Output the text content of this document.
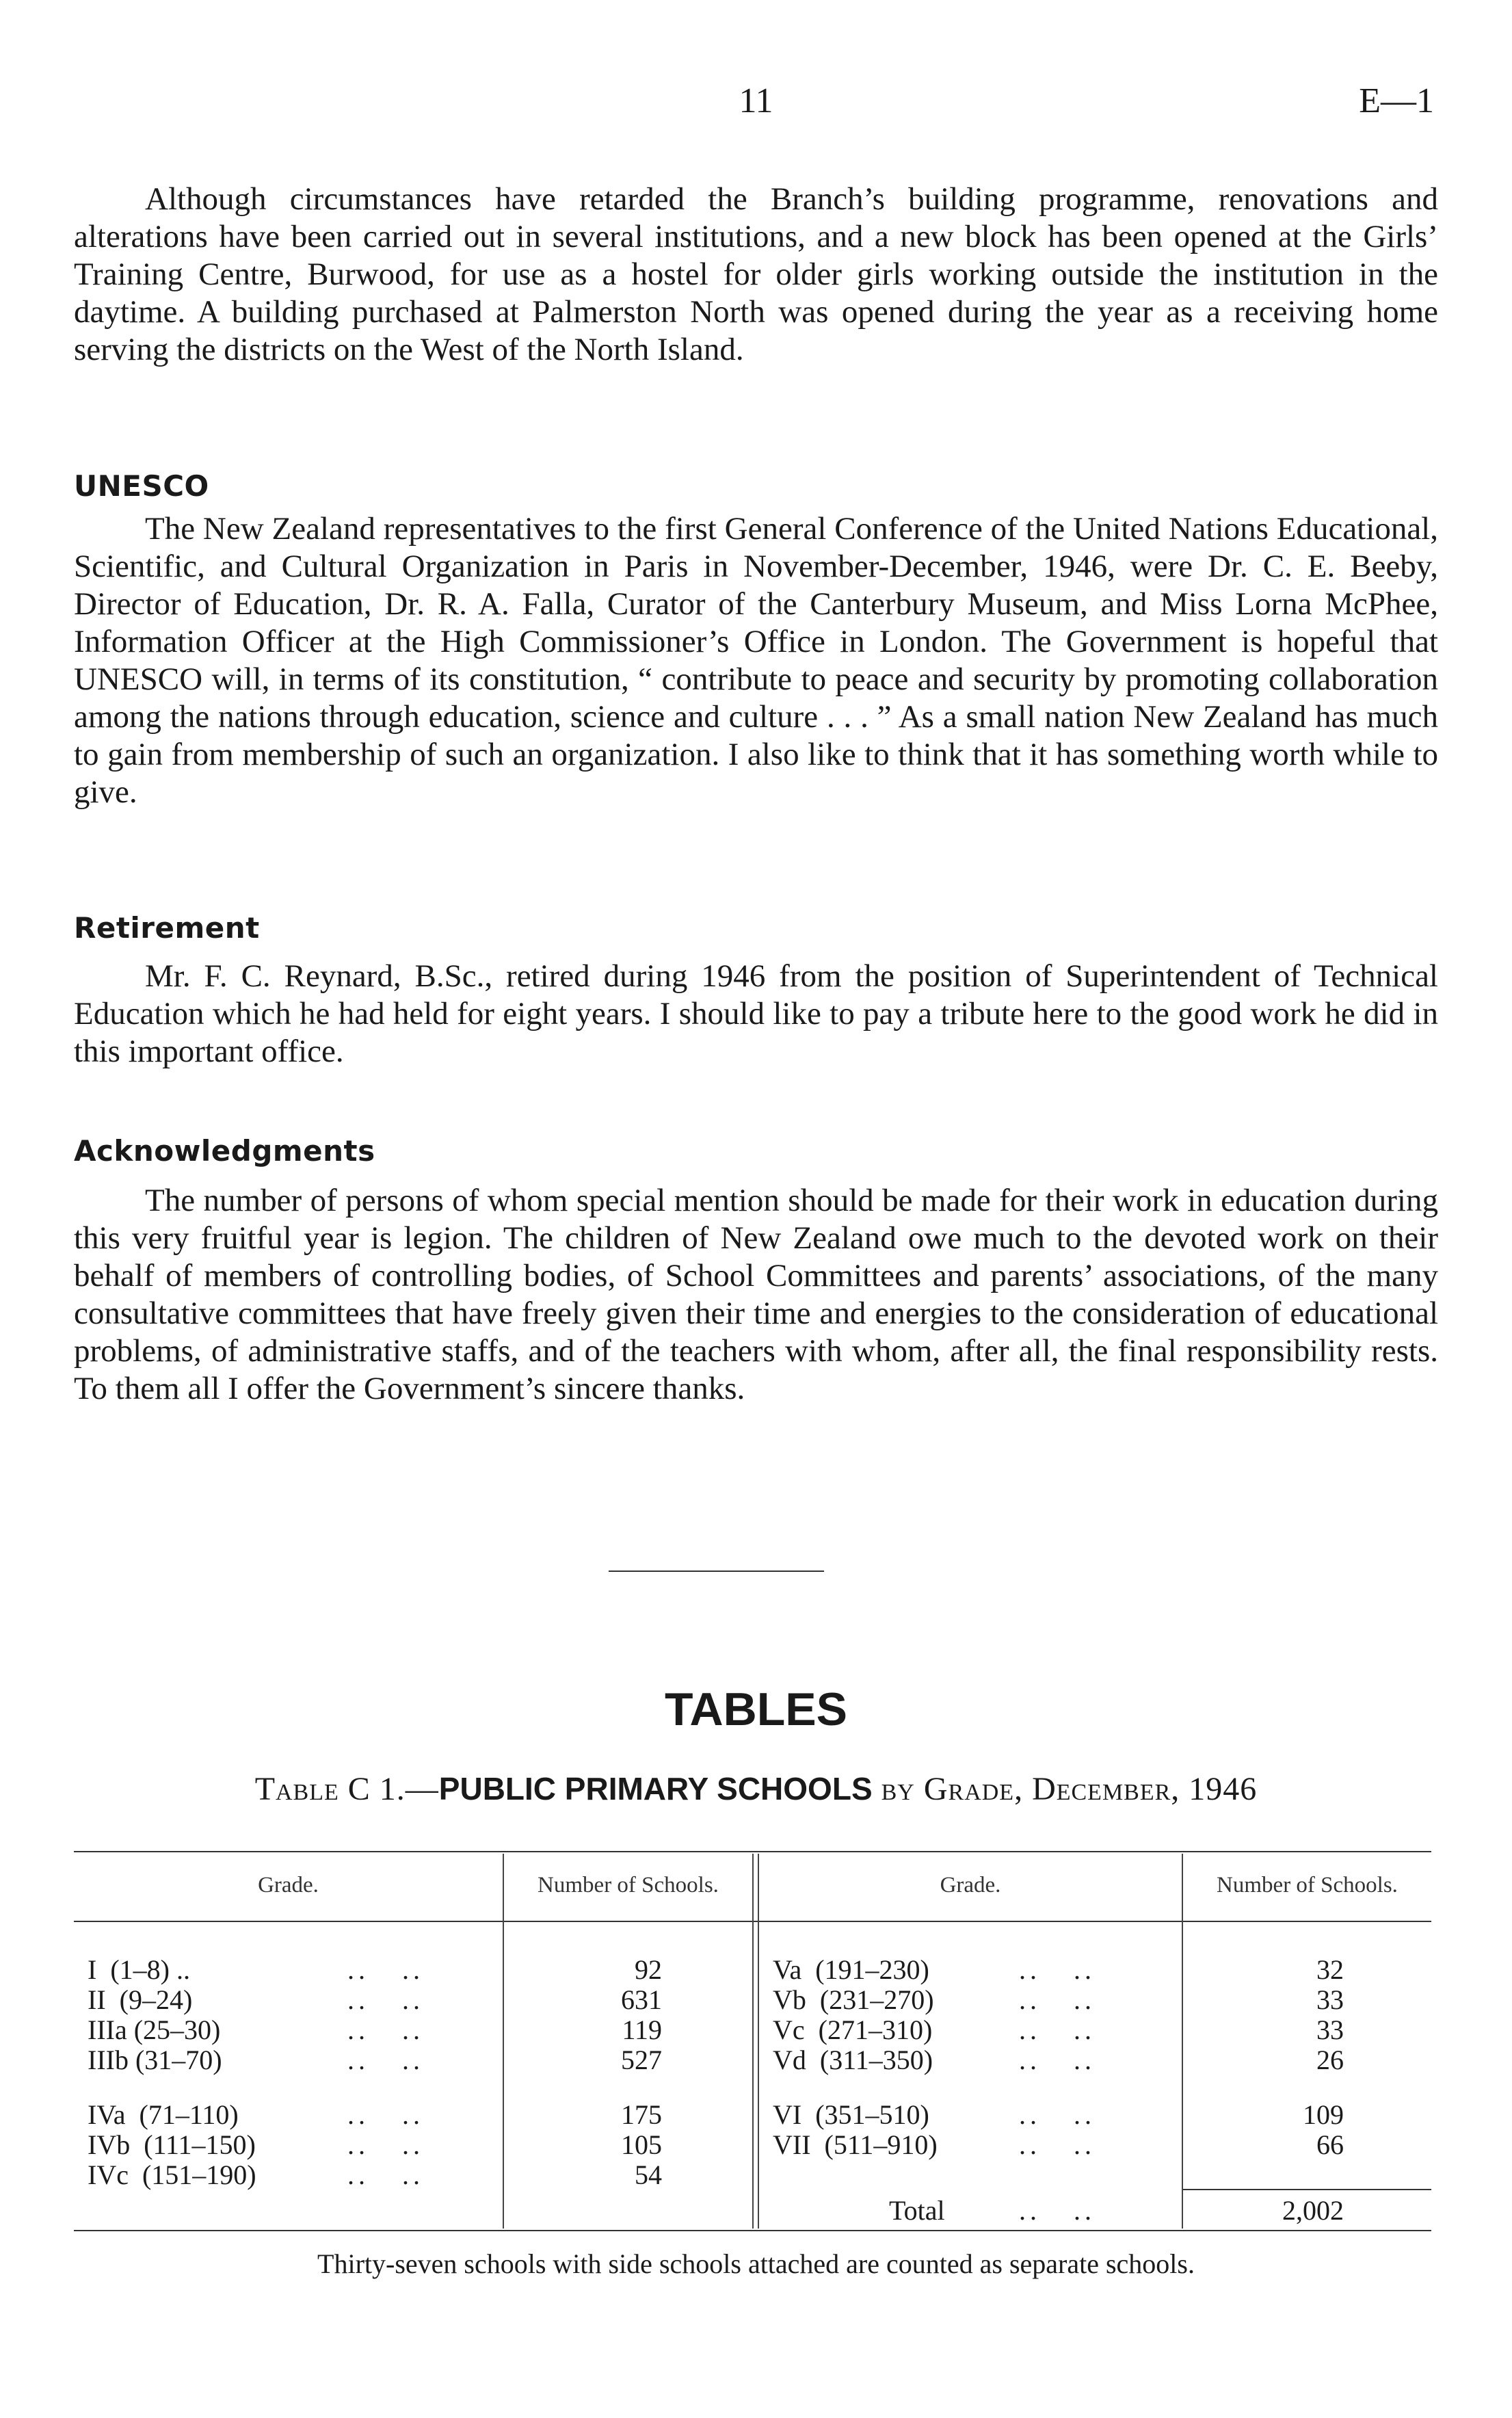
11	E—1

Although circumstances have retarded the Branch’s building programme, renovations and alterations have been carried out in several institutions, and a new block has been opened at the Girls’ Training Centre, Burwood, for use as a hostel for older girls working outside the institution in the daytime. A building purchased at Palmerston North was opened during the year as a receiving home serving the districts on the West of the North Island.

UNESCO

The New Zealand representatives to the first General Conference of the United Nations Educational, Scientific, and Cultural Organization in Paris in November-December, 1946, were Dr. C. E. Beeby, Director of Education, Dr. R. A. Falla, Curator of the Canterbury Museum, and Miss Lorna McPhee, Information Officer at the High Commissioner’s Office in London. The Government is hopeful that UNESCO will, in terms of its constitution, “ contribute to peace and security by promoting collaboration among the nations through education, science and culture . . . ” As a small nation New Zealand has much to gain from membership of such an organization. I also like to think that it has something worth while to give.

Retirement

Mr. F. C. Reynard, B.Sc., retired during 1946 from the position of Superintendent of Technical Education which he had held for eight years. I should like to pay a tribute here to the good work he did in this important office.

Acknowledgments

The number of persons of whom special mention should be made for their work in education during this very fruitful year is legion. The children of New Zealand owe much to the devoted work on their behalf of members of controlling bodies, of School Committees and parents’ associations, of the many consultative committees that have freely given their time and energies to the consideration of educational problems, of administrative staffs, and of the teachers with whom, after all, the final responsibility rests. To them all I offer the Government’s sincere thanks.

TABLES
Table C 1.—PUBLIC PRIMARY SCHOOLS by Grade, December, 1946
Grade.	Number of Schools.	Grade.	Number of Schools.
I  (1–8) ..	..   ..	92
II  (9–24)	..   ..	631
IIIa (25–30)	..   ..	119
IIIb (31–70)	..   ..	527
IVa  (71–110)	..   ..	175
IVb  (111–150)	..   ..	105
IVc  (151–190)	..   ..	54
Va  (191–230)	..   ..	32
Vb  (231–270)	..   ..	33
Vc  (271–310)	..   ..	33
Vd  (311–350)	..   ..	26
VI  (351–510)	..   ..	109
VII  (511–910)	..   ..	66
Total	..   ..	2,002
Thirty-seven schools with side schools attached are counted as separate schools.
